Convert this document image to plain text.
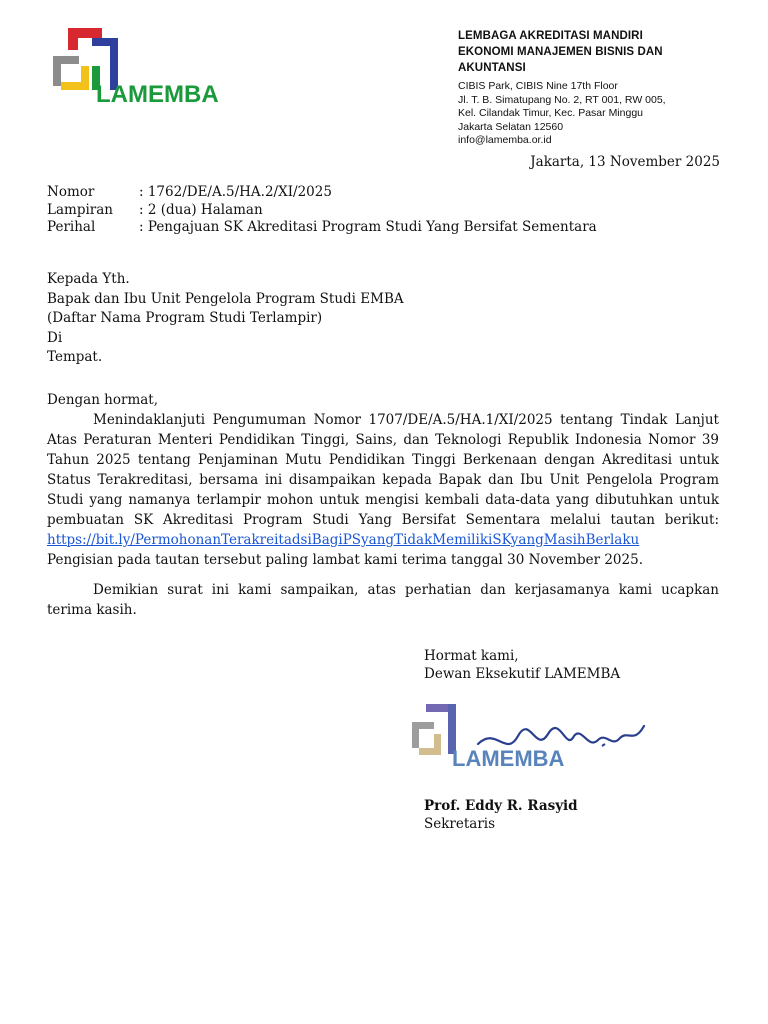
LAMEMBA
LEMBAGA AKREDITASI MANDIRI
EKONOMI MANAJEMEN BISNIS DAN AKUNTANSI
CIBIS Park, CIBIS Nine 17th Floor
Jl. T. B. Simatupang No. 2, RT 001, RW 005,
Kel. Cilandak Timur, Kec. Pasar Minggu
Jakarta Selatan 12560
info@lamemba.or.id
Jakarta, 13 November 2025
Nomor	: 1762/DE/A.5/HA.2/XI/2025
Lampiran	: 2 (dua) Halaman
Perihal	: Pengajuan SK Akreditasi Program Studi Yang Bersifat Sementara
Kepada Yth.
Bapak dan Ibu Unit Pengelola Program Studi EMBA
(Daftar Nama Program Studi Terlampir)
Di
Tempat.

Dengan hormat,

Menindaklanjuti Pengumuman Nomor 1707/DE/A.5/HA.1/XI/2025 tentang Tindak Lanjut Atas Peraturan Menteri Pendidikan Tinggi, Sains, dan Teknologi Republik Indonesia Nomor 39 Tahun 2025 tentang Penjaminan Mutu Pendidikan Tinggi Berkenaan dengan Akreditasi untuk Status Terakreditasi, bersama ini disampaikan kepada Bapak dan Ibu Unit Pengelola Program Studi yang namanya terlampir mohon untuk mengisi kembali data-data yang dibutuhkan untuk pembuatan SK Akreditasi Program Studi Yang Bersifat Sementara melalui tautan berikut: https://bit.ly/PermohonanTerakreitadsiBagiPSyangTidakMemilikiSKyangMasihBerlaku Pengisian pada tautan tersebut paling lambat kami terima tanggal 30 November 2025.

Demikian surat ini kami sampaikan, atas perhatian dan kerjasamanya kami ucapkan terima kasih.

Hormat kami,
Dewan Eksekutif LAMEMBA
LAMEMBA
Prof. Eddy R. Rasyid
Sekretaris
